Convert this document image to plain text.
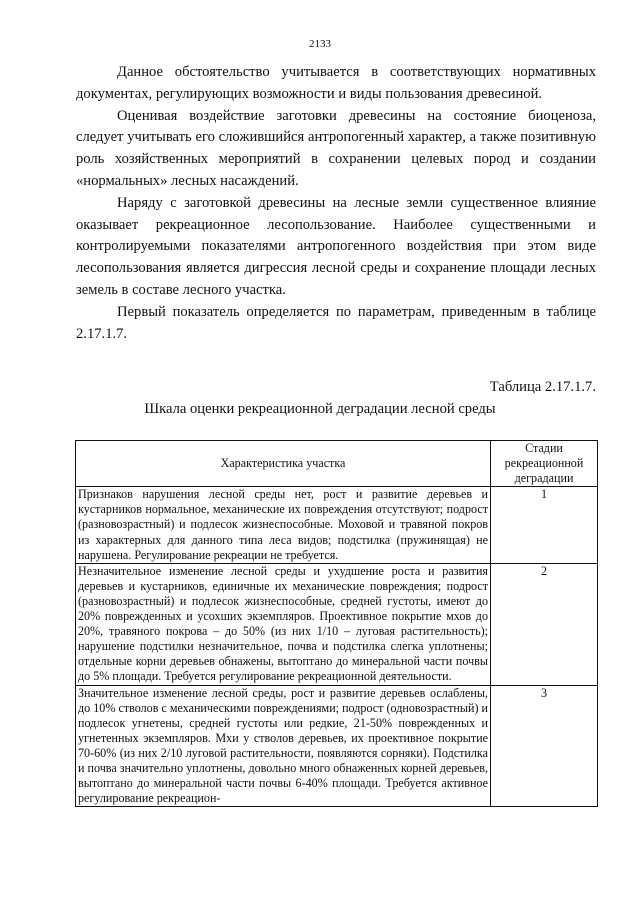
2133

Данное обстоятельство учитывается в соответствующих нормативных документах, регулирующих возможности и виды пользования древесиной.

Оценивая воздействие заготовки древесины на состояние биоценоза, следует учитывать его сложившийся антропогенный характер, а также позитивную роль хозяйственных мероприятий в сохранении целевых пород и создании «нормальных» лесных насаждений.

Наряду с заготовкой древесины на лесные земли существенное влияние оказывает рекреационное лесопользование. Наиболее существенными и контролируемыми показателями антропогенного воздействия при этом виде лесопользования является дигрессия лесной среды и сохранение площади лесных земель в составе лесного участка.

Первый показатель определяется по параметрам, приведенным в таблице 2.17.1.7.

Таблица 2.17.1.7.
Шкала оценки рекреационной деградации лесной среды
Характеристика участка	Стадии рекреационной деградации
Признаков нарушения лесной среды нет, рост и развитие деревьев и кустарников нормальное, механические их повреждения отсутствуют; подрост (разновозрастный) и подлесок жизнеспособные. Моховой и травяной покров из характерных для данного типа леса видов; подстилка (пружинящая) не нарушена. Регулирование рекреации не требуется.	1
Незначительное изменение лесной среды и ухудшение роста и развития деревьев и кустарников, единичные их механические повреждения; подрост (разновозрастный) и подлесок жизнеспособные, средней густоты, имеют до 20% поврежденных и усохших экземпляров. Проективное покрытие мхов до 20%, травяного покрова – до 50% (из них 1/10 – луговая растительность); нарушение подстилки незначительное, почва и подстилка слегка уплотнены; отдельные корни деревьев обнажены, вытоптано до минеральной части почвы до 5% площади. Требуется регулирование рекреационной деятельности.	2
Значительное изменение лесной среды, рост и развитие деревьев ослаблены, до 10% стволов с механическими повреждениями; подрост (одновозрастный) и подлесок угнетены, средней густоты или редкие, 21-50% поврежденных и угнетенных экземпляров. Мхи у стволов деревьев, их проективное покрытие 70-60% (из них 2/10 луговой растительности, появляются сорняки). Подстилка и почва значительно уплотнены, довольно много обнаженных корней деревьев, вытоптано до минеральной части почвы 6-40% площади. Требуется активное регулирование рекреацион-	3
